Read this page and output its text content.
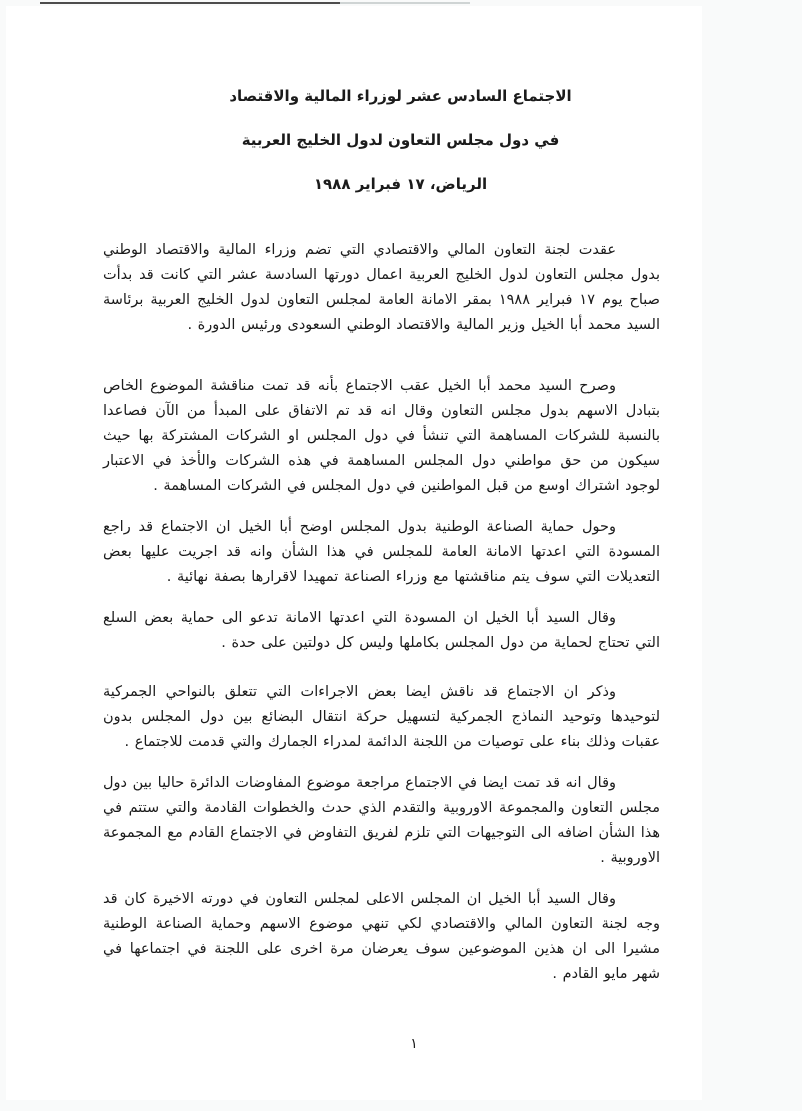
الاجتماع السادس عشر لوزراء المالية والاقتصاد
في دول مجلس التعاون لدول الخليج العربية
الرياض، ١٧ فبراير ١٩٨٨

عقدت لجنة التعاون المالي والاقتصادي التي تضم وزراء المالية والاقتصاد الوطني بدول مجلس التعاون لدول الخليج العربية اعمال دورتها السادسة عشر التي كانت قد بدأت صباح يوم ١٧ فبراير ١٩٨٨ بمقر الامانة العامة لمجلس التعاون لدول الخليج العربية برئاسة السيد محمد أبا الخيل وزير المالية والاقتصاد الوطني السعودى ورئيس الدورة .

وصرح السيد محمد أبا الخيل عقب الاجتماع بأنه قد تمت مناقشة الموضوع الخاص بتبادل الاسهم بدول مجلس التعاون وقال انه قد تم الاتفاق على المبدأ من الآن فصاعدا بالنسبة للشركات المساهمة التي تنشأ في دول المجلس او الشركات المشتركة بها حيث سيكون من حق مواطني دول المجلس المساهمة في هذه الشركات والأخذ في الاعتبار لوجود اشتراك اوسع من قبل المواطنين في دول المجلس في الشركات المساهمة .

وحول حماية الصناعة الوطنية بدول المجلس اوضح أبا الخيل ان الاجتماع قد راجع المسودة التي اعدتها الامانة العامة للمجلس في هذا الشأن وانه قد اجريت عليها بعض التعديلات التي سوف يتم مناقشتها مع وزراء الصناعة تمهيدا لاقرارها بصفة نهائية .

وقال السيد أبا الخيل ان المسودة التي اعدتها الامانة تدعو الى حماية بعض السلع التي تحتاج لحماية من دول المجلس بكاملها وليس كل دولتين على حدة .

وذكر ان الاجتماع قد ناقش ايضا بعض الاجراءات التي تتعلق بالنواحي الجمركية لتوحيدها وتوحيد النماذج الجمركية لتسهيل حركة انتقال البضائع بين دول المجلس بدون عقبات وذلك بناء على توصيات من اللجنة الدائمة لمدراء الجمارك والتي قدمت للاجتماع .

وقال انه قد تمت ايضا في الاجتماع مراجعة موضوع المفاوضات الدائرة حاليا بين دول مجلس التعاون والمجموعة الاوروبية والتقدم الذي حدث والخطوات القادمة والتي ستتم في هذا الشأن اضافه الى التوجيهات التي تلزم لفريق التفاوض في الاجتماع القادم مع المجموعة الاوروبية .

وقال السيد أبا الخيل ان المجلس الاعلى لمجلس التعاون في دورته الاخيرة كان قد وجه لجنة التعاون المالي والاقتصادي لكي تنهي موضوع الاسهم وحماية الصناعة الوطنية مشيرا الى ان هذين الموضوعين سوف يعرضان مرة اخرى على اللجنة في اجتماعها في شهر مايو القادم .

١
